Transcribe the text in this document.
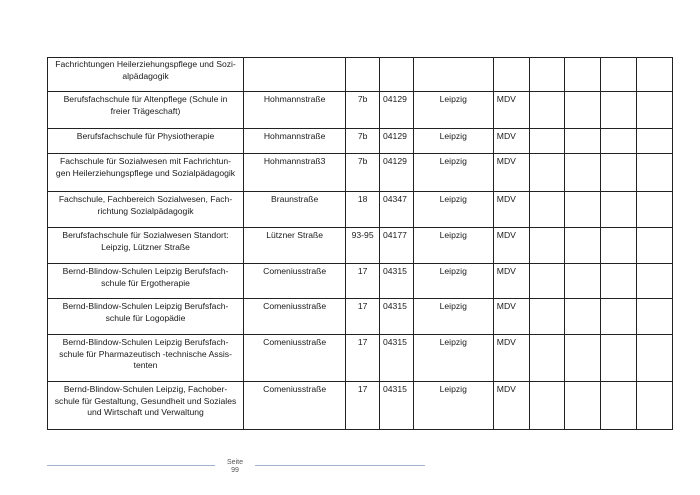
Fachrichtungen Heilerziehungspflege und Sozi-
alpädagogik									

Berufsfachschule für Altenpflege (Schule in
freier Trägeschaft)	Hohmannstraße	7b	04129	Leipzig	MDV				

Berufsfachschule für Physiotherapie	Hohmannstraße	7b	04129	Leipzig	MDV				

Fachschule für Sozialwesen mit Fachrichtun-
gen Heilerziehungspflege und Sozialpädagogik	Hohmannstraß3	7b	04129	Leipzig	MDV				

Fachschule, Fachbereich Sozialwesen, Fach-
richtung Sozialpädagogik	Braunstraße	18	04347	Leipzig	MDV				

Berufsfachschule für Sozialwesen Standort:
Leipzig, Lützner Straße	Lützner Straße	93-95	04177	Leipzig	MDV				

Bernd-Blindow-Schulen Leipzig Berufsfach-
schule für Ergotherapie	Comeniusstraße	17	04315	Leipzig	MDV				

Bernd-Blindow-Schulen Leipzig Berufsfach-
schule für Logopädie	Comeniusstraße	17	04315	Leipzig	MDV				

Bernd-Blindow-Schulen Leipzig Berufsfach-
schule für Pharmazeutisch -technische Assis-
tenten	Comeniusstraße	17	04315	Leipzig	MDV				

Bernd-Blindow-Schulen Leipzig, Fachober-
schule für Gestaltung, Gesundheit und Soziales
und Wirtschaft und Verwaltung	Comeniusstraße	17	04315	Leipzig	MDV				

Seite
99
